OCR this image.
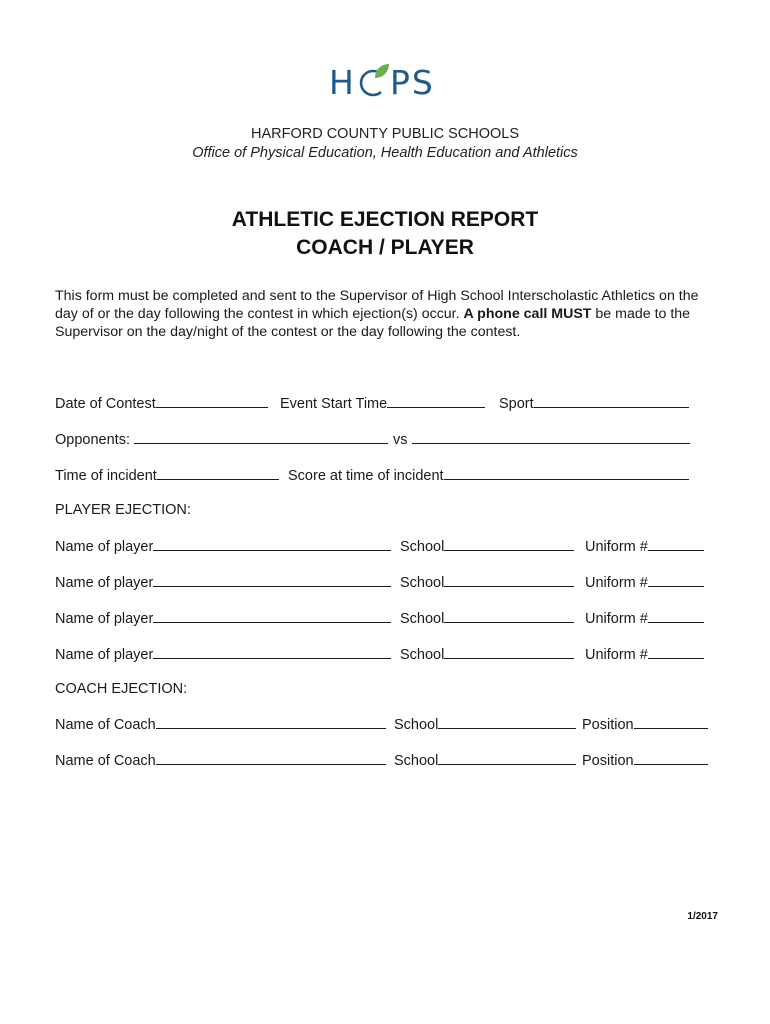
H PS
HARFORD COUNTY PUBLIC SCHOOLS
Office of Physical Education, Health Education and Athletics
ATHLETIC EJECTION REPORT
COACH / PLAYER
This form must be completed and sent to the Supervisor of High School Interscholastic Athletics on the day of or the day following the contest in which ejection(s) occur. A phone call MUST be made to the Supervisor on the day/night of the contest or the day following the contest.
Date of Contest	Event Start Time	Sport
Opponents:	vs
Time of incident	Score at time of incident
PLAYER EJECTION:
Name of player	School	Uniform #
Name of player	School	Uniform #
Name of player	School	Uniform #
Name of player	School	Uniform #
COACH EJECTION:
Name of Coach	School	Position
Name of Coach	School	Position
1/2017
